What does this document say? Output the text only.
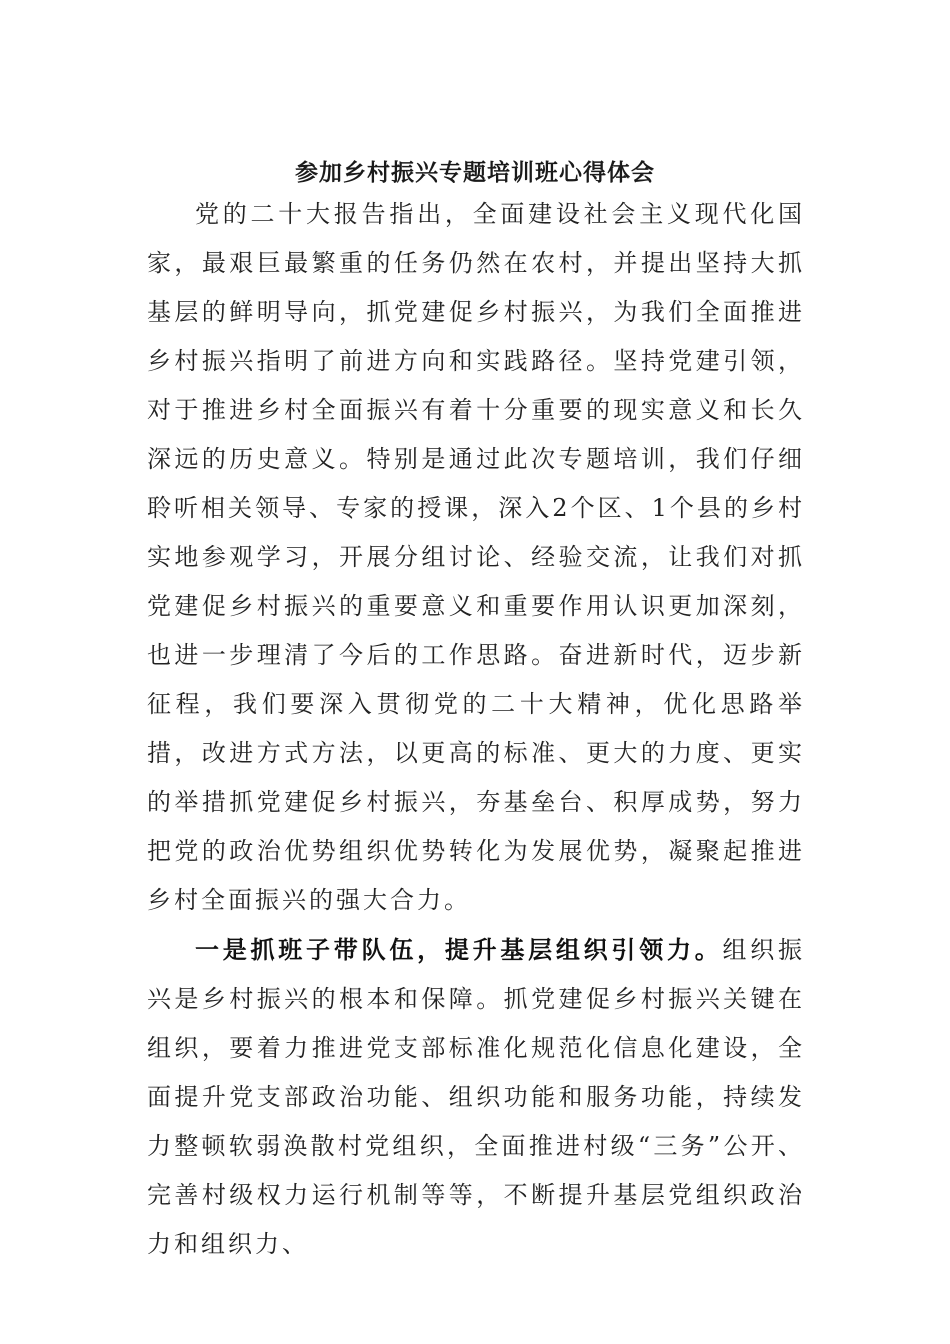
参加乡村振兴专题培训班心得体会

党的二十大报告指出，全面建设社会主义现代化国家，最艰巨最繁重的任务仍然在农村，并提出坚持大抓基层的鲜明导向，抓党建促乡村振兴，为我们全面推进乡村振兴指明了前进方向和实践路径。坚持党建引领，对于推进乡村全面振兴有着十分重要的现实意义和长久深远的历史意义。特别是通过此次专题培训，我们仔细聆听相关领导、专家的授课，深入2个区、1个县的乡村实地参观学习，开展分组讨论、经验交流，让我们对抓党建促乡村振兴的重要意义和重要作用认识更加深刻，也进一步理清了今后的工作思路。奋进新时代，迈步新征程，我们要深入贯彻党的二十大精神，优化思路举措，改进方式方法，以更高的标准、更大的力度、更实的举措抓党建促乡村振兴，夯基垒台、积厚成势，努力把党的政治优势组织优势转化为发展优势，凝聚起推进乡村全面振兴的强大合力。

一是抓班子带队伍，提升基层组织引领力。组织振兴是乡村振兴的根本和保障。抓党建促乡村振兴关键在组织，要着力推进党支部标准化规范化信息化建设，全面提升党支部政治功能、组织功能和服务功能，持续发力整顿软弱涣散村党组织，全面推进村级“三务”公开、完善村级权力运行机制等等，不断提升基层党组织政治力和组织力、
